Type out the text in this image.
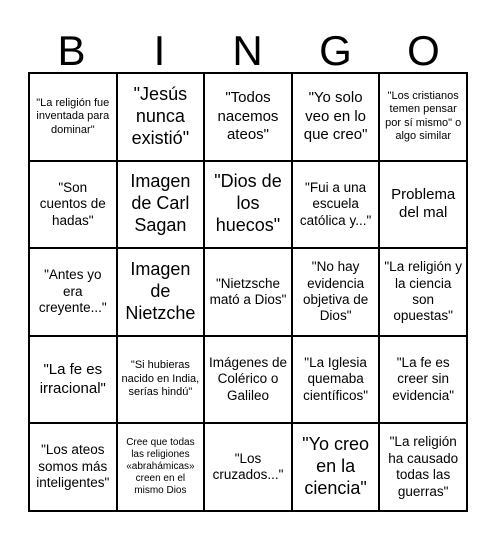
B	I	N	G	O
"La religión fue inventada para dominar"
"Jesús nunca existió"
"Todos nacemos ateos"
"Yo solo veo en lo que creo"
"Los cristianos temen pensar por sí mismo" o algo similar
"Son cuentos de hadas"
Imagen de Carl Sagan
"Dios de los huecos"
"Fui a una escuela católica y..."
Problema del mal
"Antes yo era creyente..."
Imagen de Nietzche
"Nietzsche mató a Dios"
"No hay evidencia objetiva de Dios"
"La religión y la ciencia son opuestas"
"La fe es irracional"
"Si hubieras nacido en India, serías hindú"
Imágenes de Colérico o Galileo
"La Iglesia quemaba científicos"
"La fe es creer sin evidencia"
"Los ateos somos más inteligentes"
Cree que todas las religiones «abrahámicas» creen en el mismo Dios
"Los cruzados..."
"Yo creo en la ciencia"
"La religión ha causado todas las guerras"
